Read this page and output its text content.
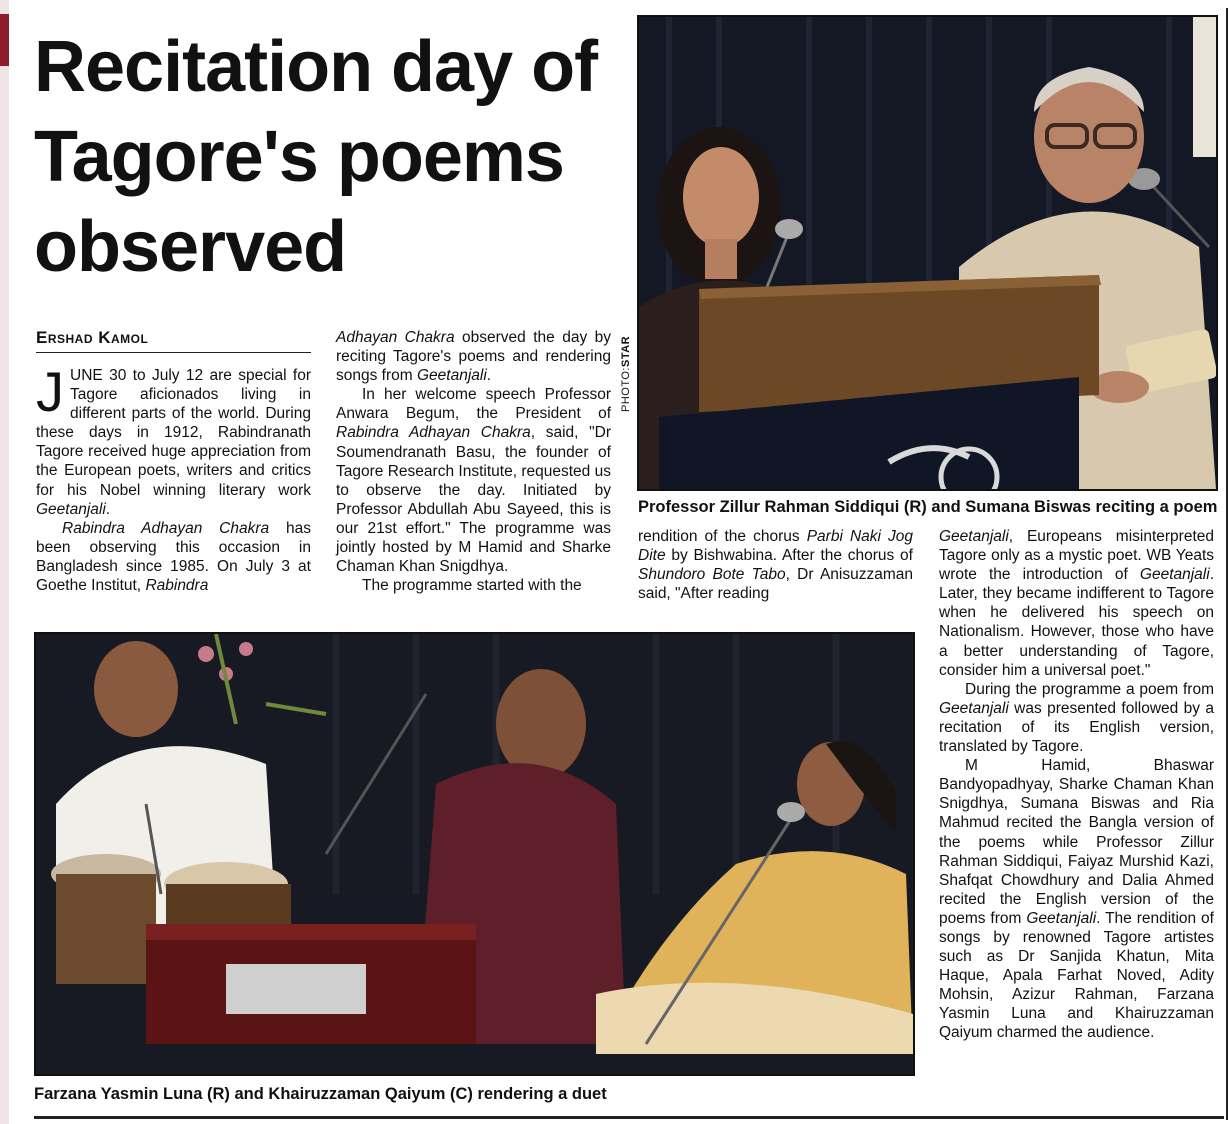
Recitation day of Tagore's poems observed
Ershad Kamol

JUNE 30 to July 12 are special for Tagore aficionados living in different parts of the world. During these days in 1912, Rabindranath Tagore received huge appreciation from the European poets, writers and critics for his Nobel winning literary work Geetanjali.

Rabindra Adhayan Chakra has been observing this occasion in Bangladesh since 1985. On July 3 at Goethe Institut, Rabindra

Adhayan Chakra observed the day by reciting Tagore's poems and rendering songs from Geetanjali.

In her welcome speech Professor Anwara Begum, the President of Rabindra Adhayan Chakra, said, "Dr Soumendranath Basu, the founder of Tagore Research Institute, requested us to observe the day. Initiated by Professor Abdullah Abu Sayeed, this is our 21st effort." The programme was jointly hosted by M Hamid and Sharke Chaman Khan Snigdhya.

The programme started with the

PHOTO:STAR
Professor Zillur Rahman Siddiqui (R) and Sumana Biswas reciting a poem

rendition of the chorus Parbi Naki Jog Dite by Bishwabina. After the chorus of Shundoro Bote Tabo, Dr Anisuzzaman said, "After reading

Geetanjali, Europeans misinterpreted Tagore only as a mystic poet. WB Yeats wrote the introduction of Geetanjali. Later, they became indifferent to Tagore when he delivered his speech on Nationalism. However, those who have a better understanding of Tagore, consider him a universal poet."

During the programme a poem from Geetanjali was presented followed by a recitation of its English version, translated by Tagore.

M Hamid, Bhaswar Bandyopadhyay, Sharke Chaman Khan Snigdhya, Sumana Biswas and Ria Mahmud recited the Bangla version of the poems while Professor Zillur Rahman Siddiqui, Faiyaz Murshid Kazi, Shafqat Chowdhury and Dalia Ahmed recited the English version of the poems from Geetanjali. The rendition of songs by renowned Tagore artistes such as Dr Sanjida Khatun, Mita Haque, Apala Farhat Noved, Adity Mohsin, Azizur Rahman, Farzana Yasmin Luna and Khairuzzaman Qaiyum charmed the audience.

Farzana Yasmin Luna (R) and Khairuzzaman Qaiyum (C) rendering a duet
